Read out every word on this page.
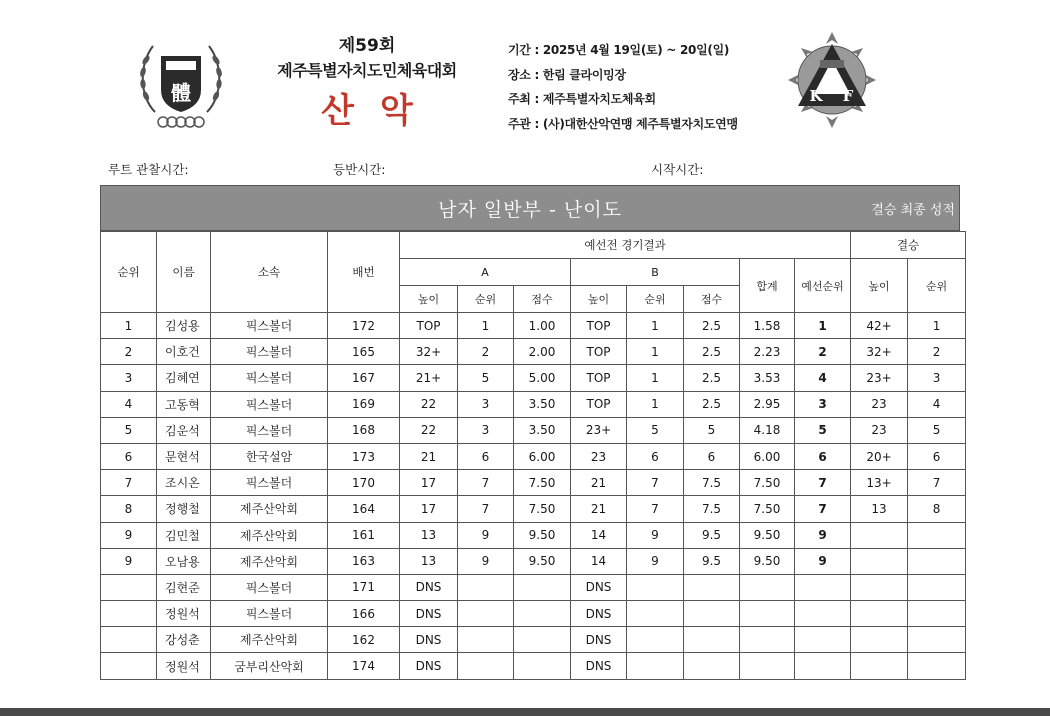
體
제59회
제주특별자치도민체육대회
산악
기간 : 2025년 4월 19일(토) ~ 20일(일)
장소 : 한림 클라이밍장
주최 : 제주특별자치도체육회
주관 : (사)대한산악연맹 제주특별자치도연맹
K F
루트 관찰시간:	등반시간:	시작시간:
남자 일반부 - 난이도	결승 최종 성적
순위	이름	소속	배번	예선전 경기결과								결승	
				A			B			합계	예선순위	높이	순위
				높이	순위	점수	높이	순위	점수				
1	김성용	픽스볼더	172	TOP	1	1.00	TOP	1	2.5	1.58	1	42+	1
2	이호건	픽스볼더	165	32+	2	2.00	TOP	1	2.5	2.23	2	32+	2
3	김혜연	픽스볼더	167	21+	5	5.00	TOP	1	2.5	3.53	4	23+	3
4	고동혁	픽스볼더	169	22	3	3.50	TOP	1	2.5	2.95	3	23	4
5	김운석	픽스볼더	168	22	3	3.50	23+	5	5	4.18	5	23	5
6	문현석	한국설암	173	21	6	6.00	23	6	6	6.00	6	20+	6
7	조시온	픽스볼더	170	17	7	7.50	21	7	7.5	7.50	7	13+	7
8	정행철	제주산악회	164	17	7	7.50	21	7	7.5	7.50	7	13	8
9	김민철	제주산악회	161	13	9	9.50	14	9	9.5	9.50	9		
9	오남용	제주산악회	163	13	9	9.50	14	9	9.5	9.50	9		
	김현준	픽스볼더	171	DNS			DNS						
	정원석	픽스볼더	166	DNS			DNS						
	강성춘	제주산악회	162	DNS			DNS						
	정원석	굼부리산악회	174	DNS			DNS						
